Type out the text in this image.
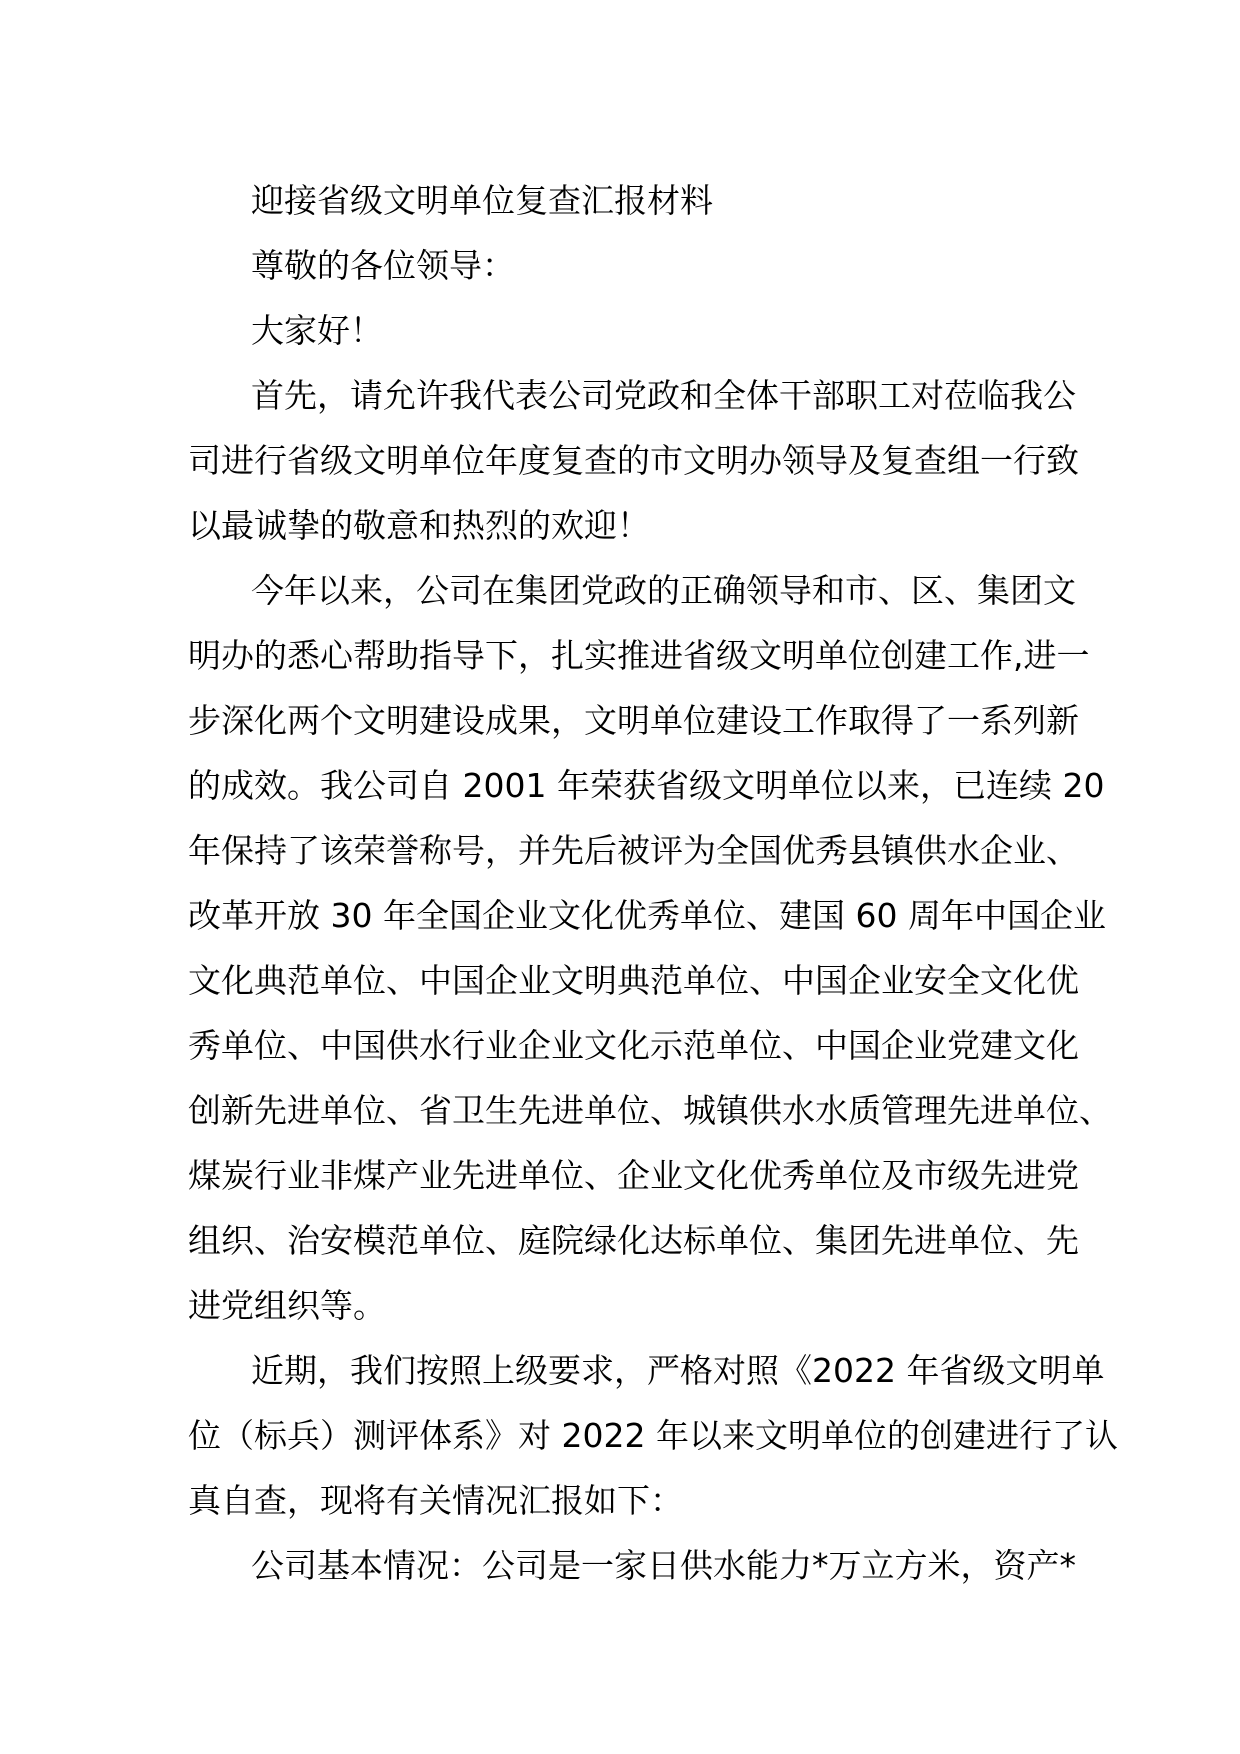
迎接省级文明单位复查汇报材料
尊敬的各位领导：
大家好！
首先，请允许我代表公司党政和全体干部职工对莅临我公
司进行省级文明单位年度复查的市文明办领导及复查组一行致
以最诚挚的敬意和热烈的欢迎！
今年以来，公司在集团党政的正确领导和市、区、集团文
明办的悉心帮助指导下，扎实推进省级文明单位创建工作,进一
步深化两个文明建设成果，文明单位建设工作取得了一系列新
的成效。我公司自 2001 年荣获省级文明单位以来，已连续 20
年保持了该荣誉称号，并先后被评为全国优秀县镇供水企业、
改革开放 30 年全国企业文化优秀单位、建国 60 周年中国企业
文化典范单位、中国企业文明典范单位、中国企业安全文化优
秀单位、中国供水行业企业文化示范单位、中国企业党建文化
创新先进单位、省卫生先进单位、城镇供水水质管理先进单位、
煤炭行业非煤产业先进单位、企业文化优秀单位及市级先进党
组织、治安模范单位、庭院绿化达标单位、集团先进单位、先
进党组织等。
近期，我们按照上级要求，严格对照《2022 年省级文明单
位（标兵）测评体系》对 2022 年以来文明单位的创建进行了认
真自查，现将有关情况汇报如下：
公司基本情况：公司是一家日供水能力*万立方米，资产*
